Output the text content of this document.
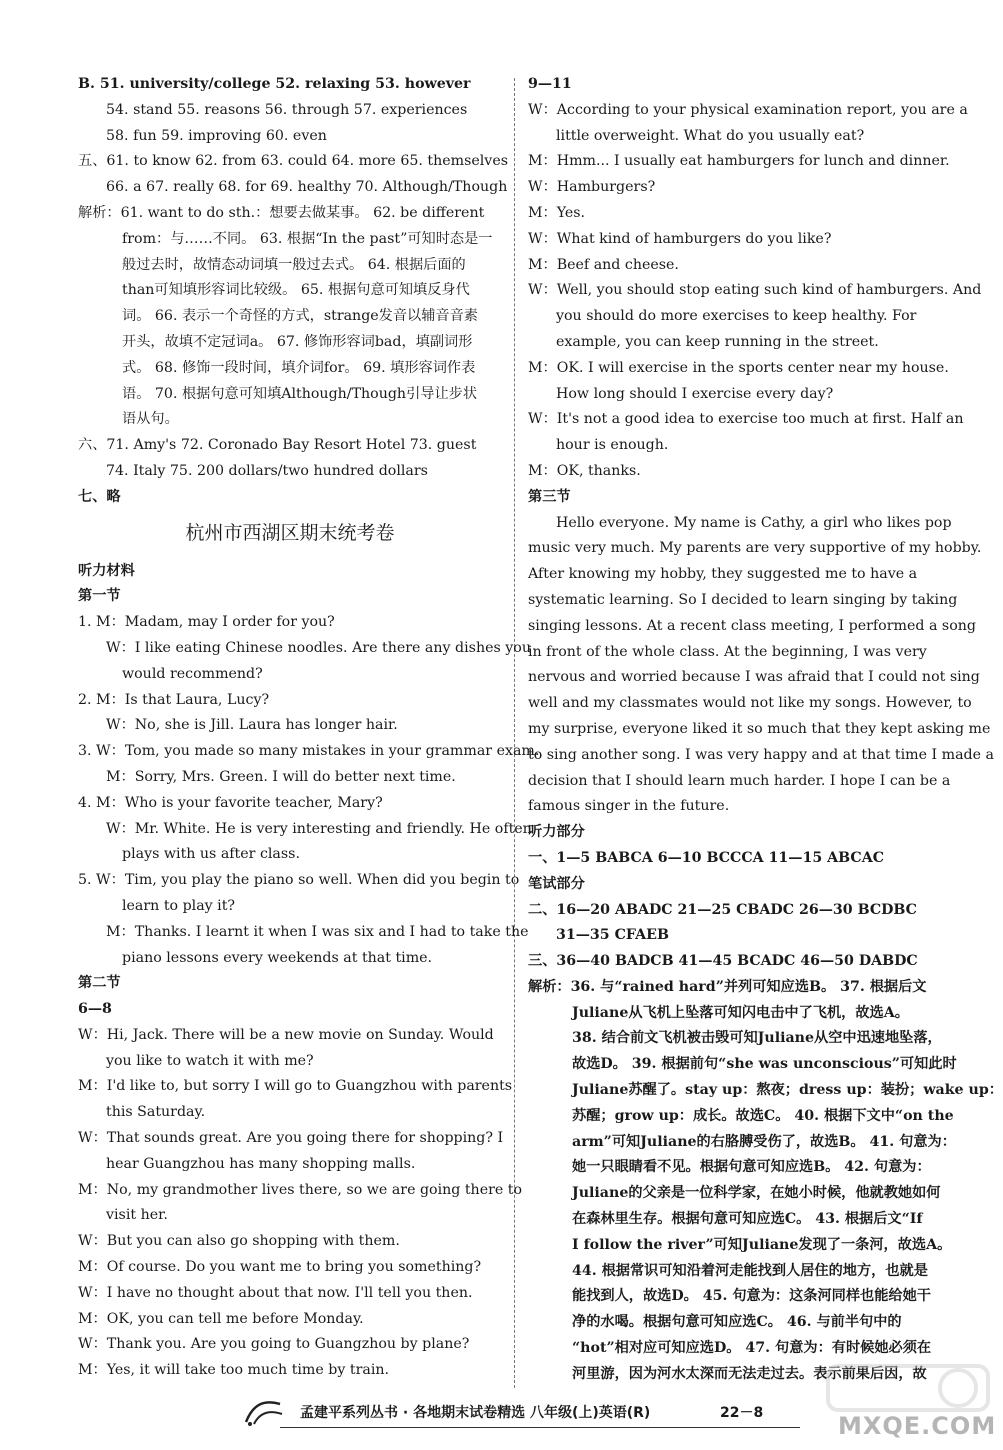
B. 51. university/college 52. relaxing 53. however
54. stand 55. reasons 56. through 57. experiences
58. fun 59. improving 60. even
五、61. to know 62. from 63. could 64. more 65. themselves
66. a 67. really 68. for 69. healthy 70. Although/Though
解析：61. want to do sth.：想要去做某事。 62. be different
from：与……不同。 63. 根据“In the past”可知时态是一
般过去时，故情态动词填一般过去式。 64. 根据后面的
than可知填形容词比较级。 65. 根据句意可知填反身代
词。 66. 表示一个奇怪的方式，strange发音以辅音音素
开头，故填不定冠词a。 67. 修饰形容词bad，填副词形
式。 68. 修饰一段时间，填介词for。 69. 填形容词作表
语。 70. 根据句意可知填Although/Though引导让步状
语从句。
六、71. Amy's 72. Coronado Bay Resort Hotel 73. guest
74. Italy 75. 200 dollars/two hundred dollars
七、略
杭州市西湖区期末统考卷
听力材料
第一节
1. M：Madam, may I order for you?
W：I like eating Chinese noodles. Are there any dishes you
would recommend?
2. M：Is that Laura, Lucy?
W：No, she is Jill. Laura has longer hair.
3. W：Tom, you made so many mistakes in your grammar exam.
M：Sorry, Mrs. Green. I will do better next time.
4. M：Who is your favorite teacher, Mary?
W：Mr. White. He is very interesting and friendly. He often
plays with us after class.
5. W：Tim, you play the piano so well. When did you begin to
learn to play it?
M：Thanks. I learnt it when I was six and I had to take the
piano lessons every weekends at that time.
第二节
6—8
W：Hi, Jack. There will be a new movie on Sunday. Would
you like to watch it with me?
M：I'd like to, but sorry I will go to Guangzhou with parents
this Saturday.
W：That sounds great. Are you going there for shopping? I
hear Guangzhou has many shopping malls.
M：No, my grandmother lives there, so we are going there to
visit her.
W：But you can also go shopping with them.
M：Of course. Do you want me to bring you something?
W：I have no thought about that now. I'll tell you then.
M：OK, you can tell me before Monday.
W：Thank you. Are you going to Guangzhou by plane?
M：Yes, it will take too much time by train.
9—11
W：According to your physical examination report, you are a
little overweight. What do you usually eat?
M：Hmm... I usually eat hamburgers for lunch and dinner.
W：Hamburgers?
M：Yes.
W：What kind of hamburgers do you like?
M：Beef and cheese.
W：Well, you should stop eating such kind of hamburgers. And
you should do more exercises to keep healthy. For
example, you can keep running in the street.
M：OK. I will exercise in the sports center near my house.
How long should I exercise every day?
W：It's not a good idea to exercise too much at first. Half an
hour is enough.
M：OK, thanks.
第三节
Hello everyone. My name is Cathy, a girl who likes pop
music very much. My parents are very supportive of my hobby.
After knowing my hobby, they suggested me to have a
systematic learning. So I decided to learn singing by taking
singing lessons. At a recent class meeting, I performed a song
in front of the whole class. At the beginning, I was very
nervous and worried because I was afraid that I could not sing
well and my classmates would not like my songs. However, to
my surprise, everyone liked it so much that they kept asking me
to sing another song. I was very happy and at that time I made a
decision that I should learn much harder. I hope I can be a
famous singer in the future.
听力部分
一、1—5 BABCA 6—10 BCCCA 11—15 ABCAC
笔试部分
二、16—20 ABADC 21—25 CBADC 26—30 BCDBC
31—35 CFAEB
三、36—40 BADCB 41—45 BCADC 46—50 DABDC
解析：36. 与“rained hard”并列可知应选B。 37. 根据后文
Juliane从飞机上坠落可知闪电击中了飞机，故选A。
38. 结合前文飞机被击毁可知Juliane从空中迅速地坠落，
故选D。 39. 根据前句“she was unconscious”可知此时
Juliane苏醒了。stay up：熬夜；dress up：装扮；wake up：
苏醒；grow up：成长。故选C。 40. 根据下文中“on the
arm”可知Juliane的右胳膊受伤了，故选B。 41. 句意为：
她一只眼睛看不见。根据句意可知应选B。 42. 句意为：
Juliane的父亲是一位科学家，在她小时候，他就教她如何
在森林里生存。根据句意可知应选C。 43. 根据后文“If
I follow the river”可知Juliane发现了一条河，故选A。
44. 根据常识可知沿着河走能找到人居住的地方，也就是
能找到人，故选D。 45. 句意为：这条河同样也能给她干
净的水喝。根据句意可知应选C。 46. 与前半句中的
“hot”相对应可知应选D。 47. 句意为：有时候她必须在
河里游，因为河水太深而无法走过去。表示前果后因，故
孟建平系列丛书 · 各地期末试卷精选 八年级(上)英语(R)	22－8	MXQE.COM
